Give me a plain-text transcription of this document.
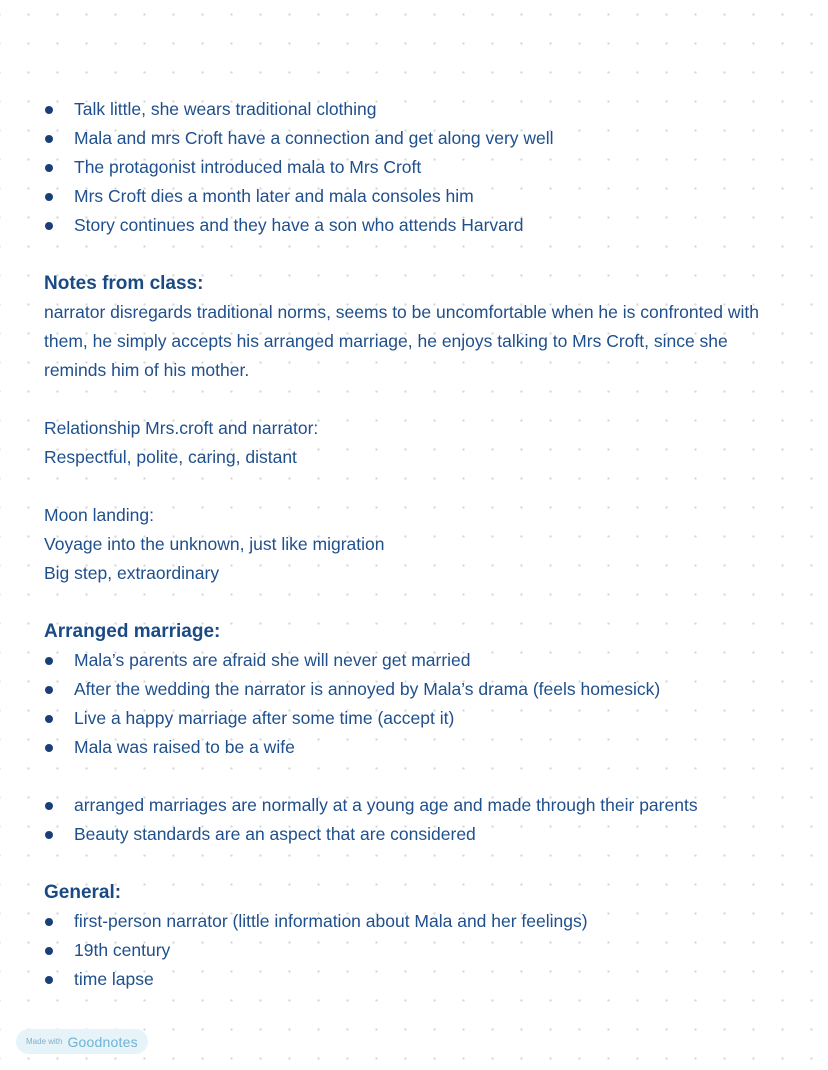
Talk little, she wears traditional clothing
Mala and mrs Croft have a connection and get along very well
The protagonist introduced mala to Mrs Croft
Mrs Croft dies a month later and mala consoles him
Story continues and they have a son who attends Harvard
Notes from class:
narrator disregards traditional norms, seems to be uncomfortable when he is confronted with
them, he simply accepts his arranged marriage, he enjoys talking to Mrs Croft, since she
reminds him of his mother.
Relationship Mrs.croft and narrator:
Respectful, polite, caring, distant
Moon landing:
Voyage into the unknown, just like migration
Big step, extraordinary
Arranged marriage:
Mala’s parents are afraid she will never get married
After the wedding the narrator is annoyed by Mala’s drama (feels homesick)
Live a happy marriage after some time (accept it)
Mala was raised to be a wife
arranged marriages are normally at a young age and made through their parents
Beauty standards are an aspect that are considered
General:
first-person narrator (little information about Mala and her feelings)
19th century
time lapse
Made with Goodnotes
